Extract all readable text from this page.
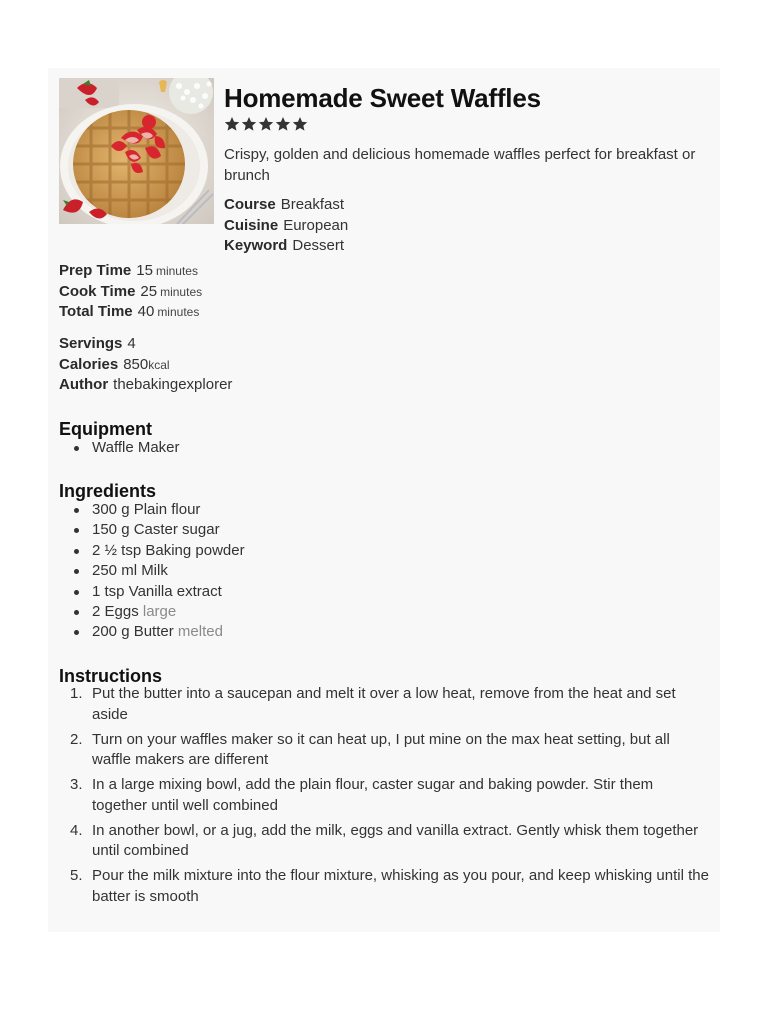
Homemade Sweet Waffles
Crispy, golden and delicious homemade waffles perfect for breakfast or brunch
Course Breakfast
Cuisine European
Keyword Dessert
Prep Time 15 minutes
Cook Time 25 minutes
Total Time 40 minutes
Servings 4
Calories 850kcal
Author thebakingexplorer
Equipment
Waffle Maker
Ingredients
300 g Plain flour
150 g Caster sugar
2 ½ tsp Baking powder
250 ml Milk
1 tsp Vanilla extract
2 Eggs large
200 g Butter melted
Instructions
1. Put the butter into a saucepan and melt it over a low heat, remove from the heat and set aside
2. Turn on your waffles maker so it can heat up, I put mine on the max heat setting, but all waffle makers are different
3. In a large mixing bowl, add the plain flour, caster sugar and baking powder. Stir them together until well combined
4. In another bowl, or a jug, add the milk, eggs and vanilla extract. Gently whisk them together until combined
5. Pour the milk mixture into the flour mixture, whisking as you pour, and keep whisking until the batter is smooth
